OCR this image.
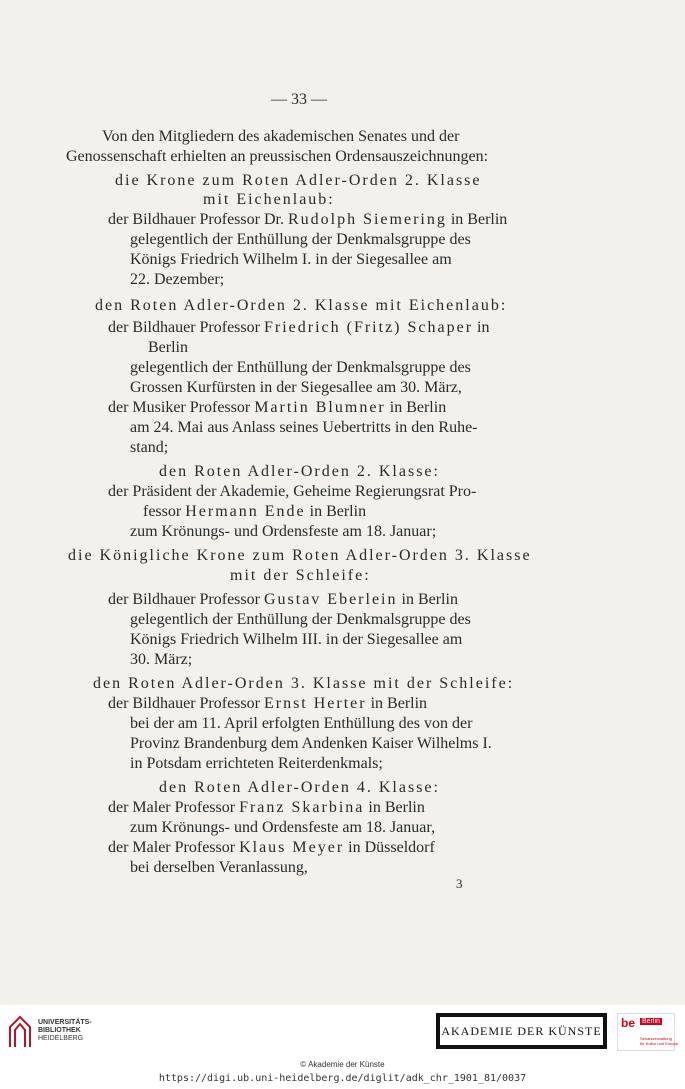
— 33 —

Von den Mitgliedern des akademischen Senates und der

Genossenschaft erhielten an preussischen Ordensauszeichnungen:

die Krone zum Roten Adler-Orden 2. Klasse

mit Eichenlaub:

der Bildhauer Professor Dr. Rudolph Siemering in Berlin

gelegentlich der Enthüllung der Denkmalsgruppe des

Königs Friedrich Wilhelm I. in der Siegesallee am

22. Dezember;

den Roten Adler-Orden 2. Klasse mit Eichenlaub:

der Bildhauer Professor Friedrich (Fritz) Schaper in

Berlin

gelegentlich der Enthüllung der Denkmalsgruppe des

Grossen Kurfürsten in der Siegesallee am 30. März,

der Musiker Professor Martin Blumner in Berlin

am 24. Mai aus Anlass seines Uebertritts in den Ruhe-

stand;

den Roten Adler-Orden 2. Klasse:

der Präsident der Akademie, Geheime Regierungsrat Pro-

fessor Hermann Ende in Berlin

zum Krönungs- und Ordensfeste am 18. Januar;

die Königliche Krone zum Roten Adler-Orden 3. Klasse

mit der Schleife:

der Bildhauer Professor Gustav Eberlein in Berlin

gelegentlich der Enthüllung der Denkmalsgruppe des

Königs Friedrich Wilhelm III. in der Siegesallee am

30. März;

den Roten Adler-Orden 3. Klasse mit der Schleife:

der Bildhauer Professor Ernst Herter in Berlin

bei der am 11. April erfolgten Enthüllung des von der

Provinz Brandenburg dem Andenken Kaiser Wilhelms I.

in Potsdam errichteten Reiterdenkmals;

den Roten Adler-Orden 4. Klasse:

der Maler Professor Franz Skarbina in Berlin

zum Krönungs- und Ordensfeste am 18. Januar,

der Maler Professor Klaus Meyer in Düsseldorf

bei derselben Veranlassung,

3

UNIVERSITÄTS-
BIBLIOTHEK
HEIDELBERG
AKADEMIE DER KÜNSTE
be Berlin
Senatsverwaltung
für Kultur und Europa
© Akademie der Künste
https://digi.ub.uni-heidelberg.de/diglit/adk_chr_1901_81/0037
